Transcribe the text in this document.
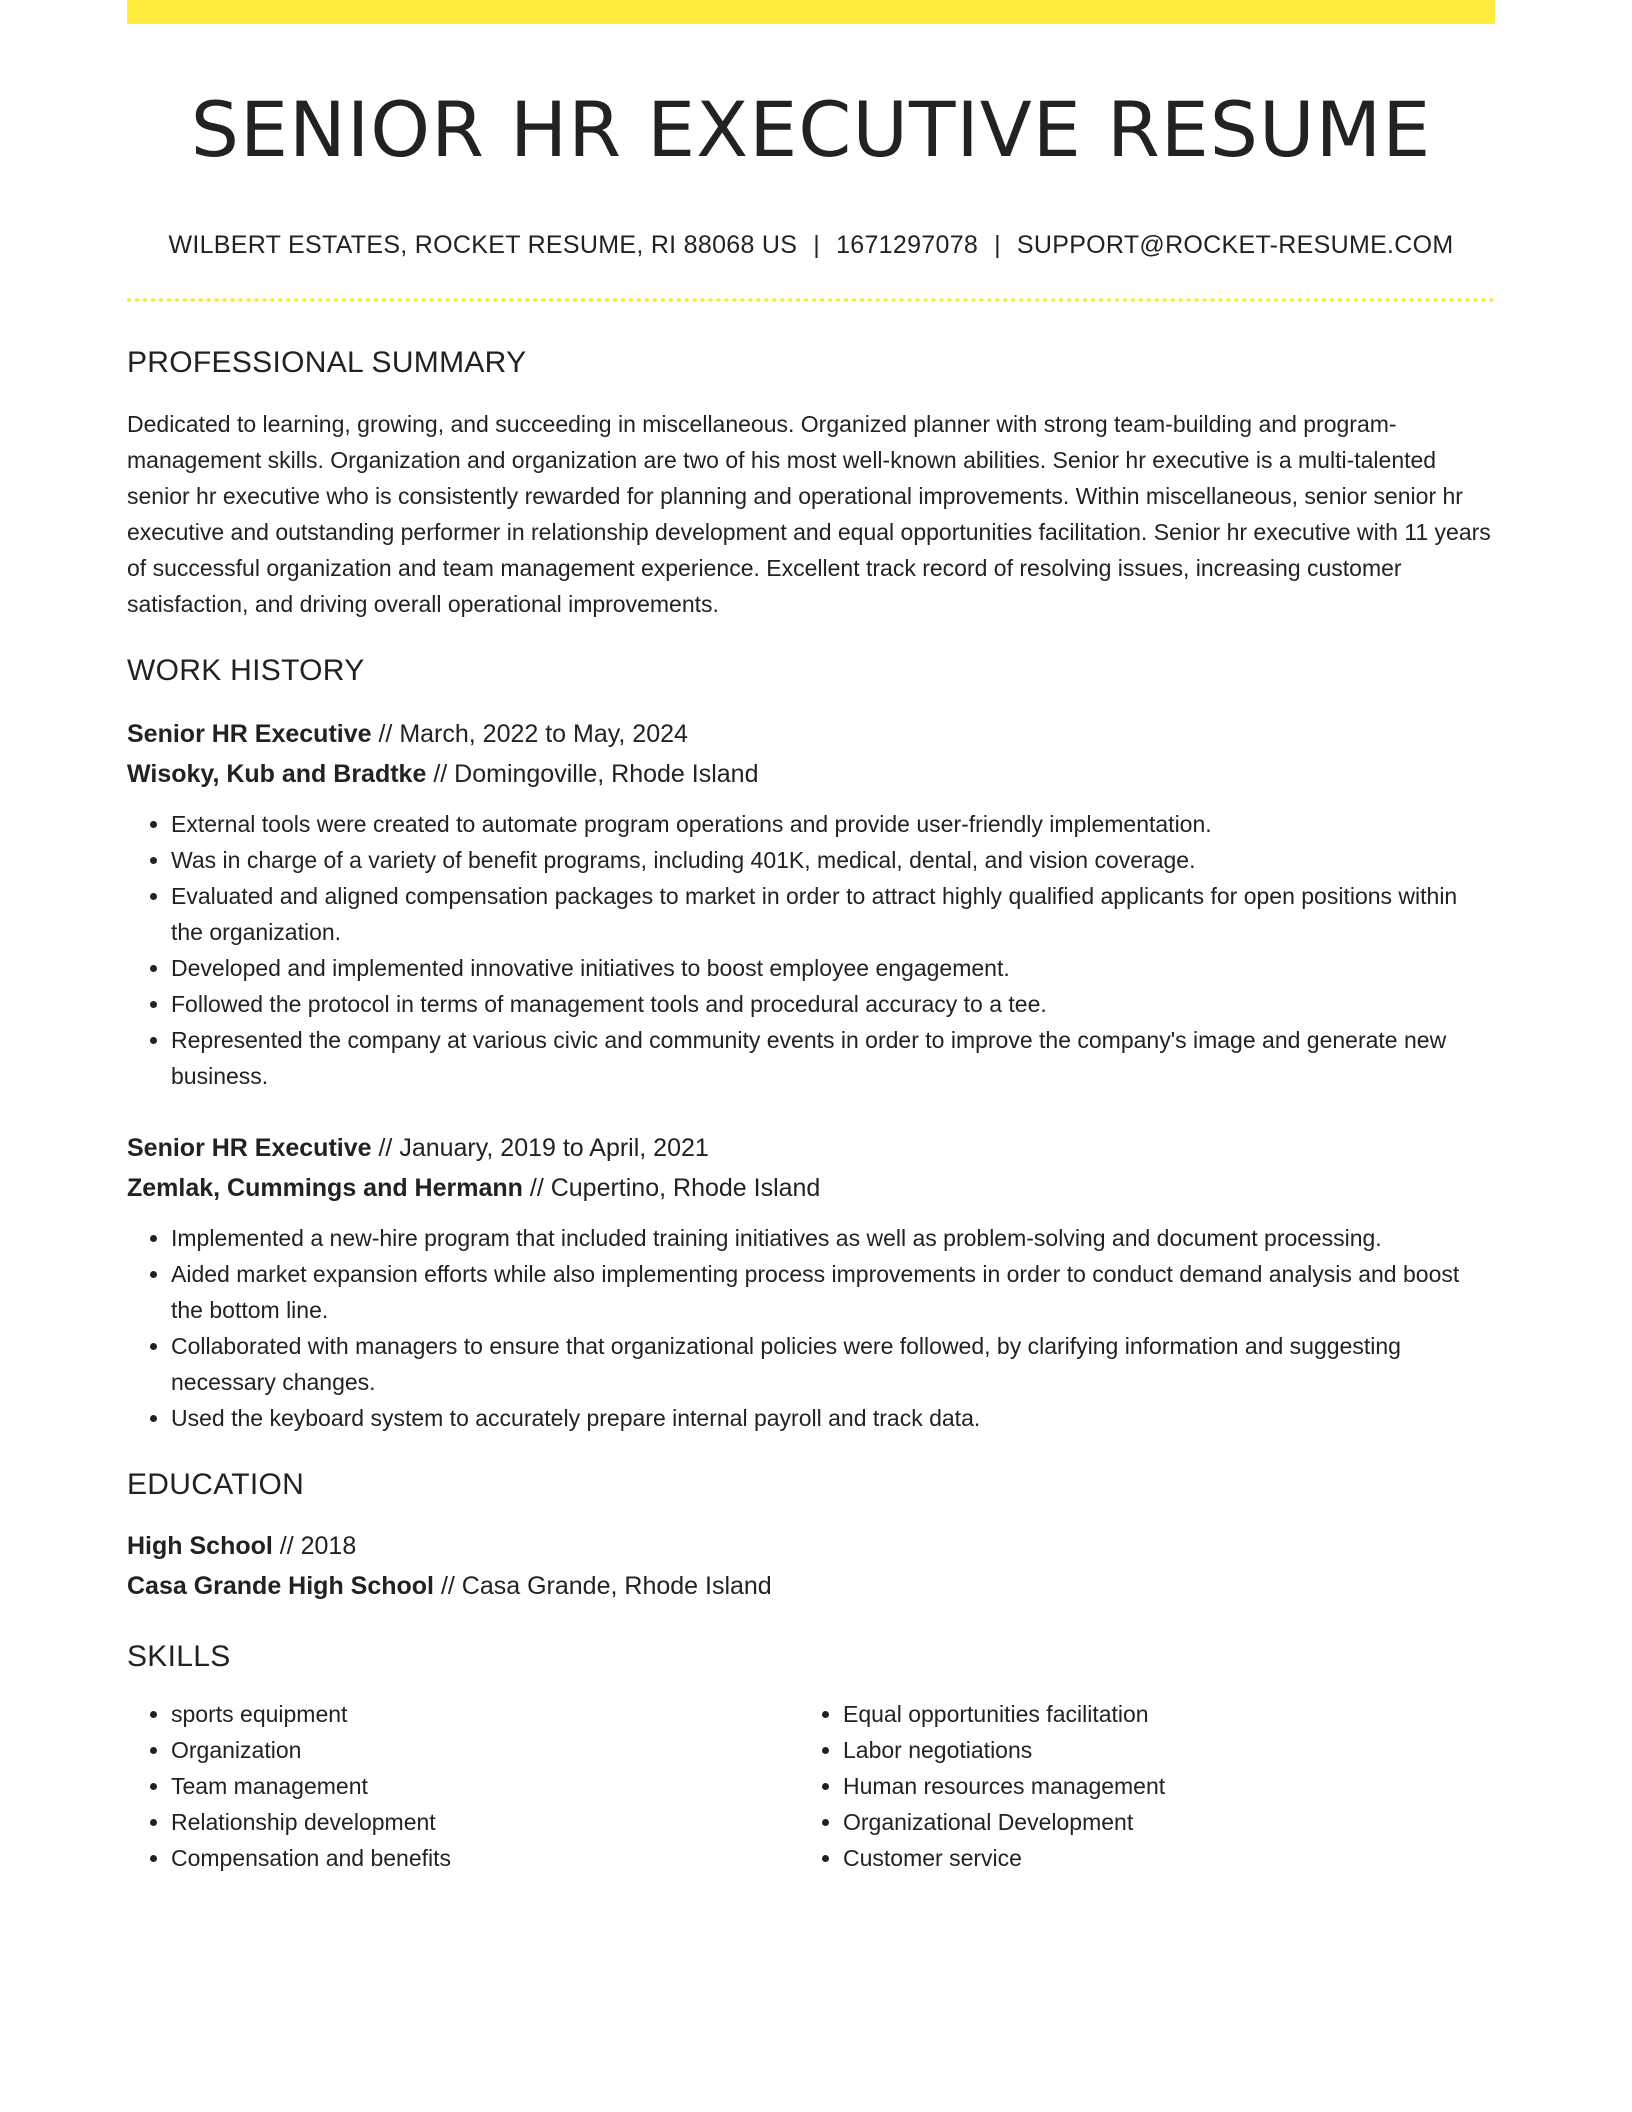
SENIOR HR EXECUTIVE RESUME
WILBERT ESTATES, ROCKET RESUME, RI 88068 US | 1671297078 | SUPPORT@ROCKET-RESUME.COM
PROFESSIONAL SUMMARY
Dedicated to learning, growing, and succeeding in miscellaneous. Organized planner with strong team-building and program-management skills. Organization and organization are two of his most well-known abilities. Senior hr executive is a multi-talented senior hr executive who is consistently rewarded for planning and operational improvements. Within miscellaneous, senior senior hr executive and outstanding performer in relationship development and equal opportunities facilitation. Senior hr executive with 11 years of successful organization and team management experience. Excellent track record of resolving issues, increasing customer satisfaction, and driving overall operational improvements.
WORK HISTORY
Senior HR Executive // March, 2022 to May, 2024
Wisoky, Kub and Bradtke // Domingoville, Rhode Island
• External tools were created to automate program operations and provide user-friendly implementation.
• Was in charge of a variety of benefit programs, including 401K, medical, dental, and vision coverage.
• Evaluated and aligned compensation packages to market in order to attract highly qualified applicants for open positions within the organization.
• Developed and implemented innovative initiatives to boost employee engagement.
• Followed the protocol in terms of management tools and procedural accuracy to a tee.
• Represented the company at various civic and community events in order to improve the company's image and generate new business.
Senior HR Executive // January, 2019 to April, 2021
Zemlak, Cummings and Hermann // Cupertino, Rhode Island
• Implemented a new-hire program that included training initiatives as well as problem-solving and document processing.
• Aided market expansion efforts while also implementing process improvements in order to conduct demand analysis and boost the bottom line.
• Collaborated with managers to ensure that organizational policies were followed, by clarifying information and suggesting necessary changes.
• Used the keyboard system to accurately prepare internal payroll and track data.
EDUCATION
High School // 2018
Casa Grande High School // Casa Grande, Rhode Island
SKILLS
• sports equipment
• Organization
• Team management
• Relationship development
• Compensation and benefits
• Equal opportunities facilitation
• Labor negotiations
• Human resources management
• Organizational Development
• Customer service
